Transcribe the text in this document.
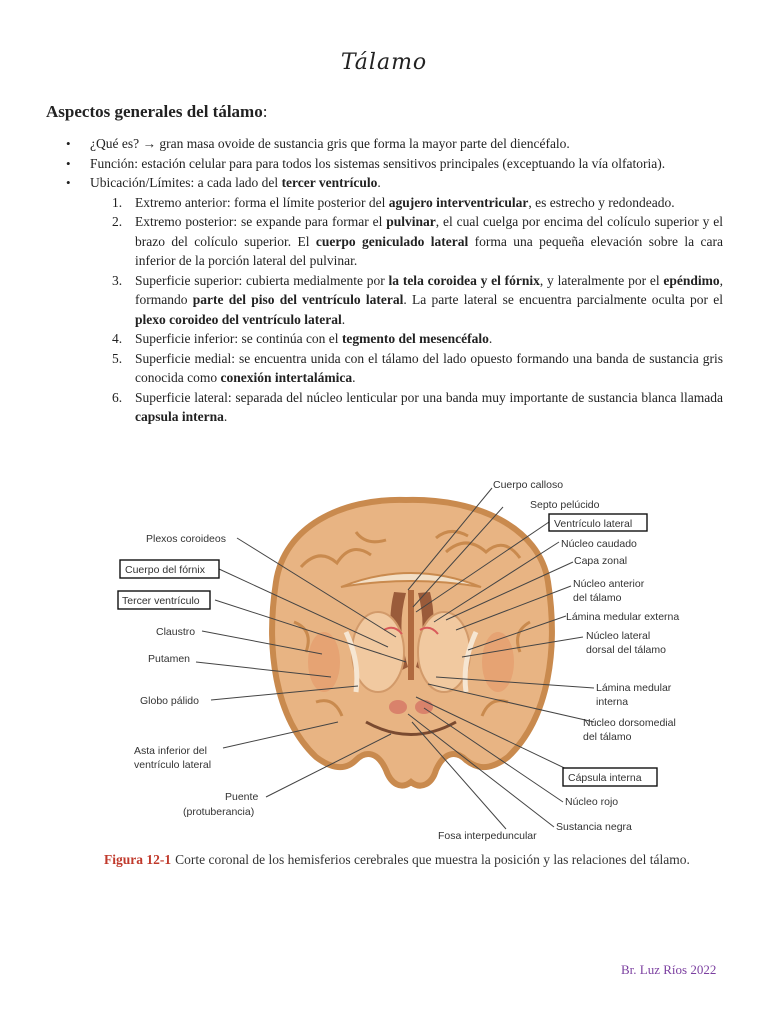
Tálamo
Aspectos generales del tálamo:
• ¿Qué es? → gran masa ovoide de sustancia gris que forma la mayor parte del diencéfalo.
• Función: estación celular para para todos los sistemas sensitivos principales (exceptuando la vía olfatoria).
• Ubicación/Límites: a cada lado del tercer ventrículo.
1. Extremo anterior: forma el límite posterior del agujero interventricular, es estrecho y redondeado.
2. Extremo posterior: se expande para formar el pulvinar, el cual cuelga por encima del colículo superior y el brazo del colículo superior. El cuerpo geniculado lateral forma una pequeña elevación sobre la cara inferior de la porción lateral del pulvinar.
3. Superficie superior: cubierta medialmente por la tela coroidea y el fórnix, y lateralmente por el epéndimo, formando parte del piso del ventrículo lateral. La parte lateral se encuentra parcialmente oculta por el plexo coroideo del ventrículo lateral.
4. Superficie inferior: se continúa con el tegmento del mesencéfalo.
5. Superficie medial: se encuentra unida con el tálamo del lado opuesto formando una banda de sustancia gris conocida como conexión intertalámica.
6. Superficie lateral: separada del núcleo lenticular por una banda muy importante de sustancia blanca llamada capsula interna.
Cuerpo calloso
Septo pelúcido
Ventrículo lateral
Núcleo caudado
Capa zonal
Núcleo anterior
del tálamo
Lámina medular externa
Núcleo lateral
dorsal del tálamo
Lámina medular
interna
Núcleo dorsomedial
del tálamo
Cápsula interna
Núcleo rojo
Sustancia negra
Fosa interpeduncular
Plexos coroideos
Cuerpo del fórnix
Tercer ventrículo
Claustro
Putamen
Globo pálido
Asta inferior del
ventrículo lateral
Puente
(protuberancia)
Figura 12-1 Corte coronal de los hemisferios cerebrales que muestra la posición y las relaciones del tálamo.
Br. Luz Ríos 2022
